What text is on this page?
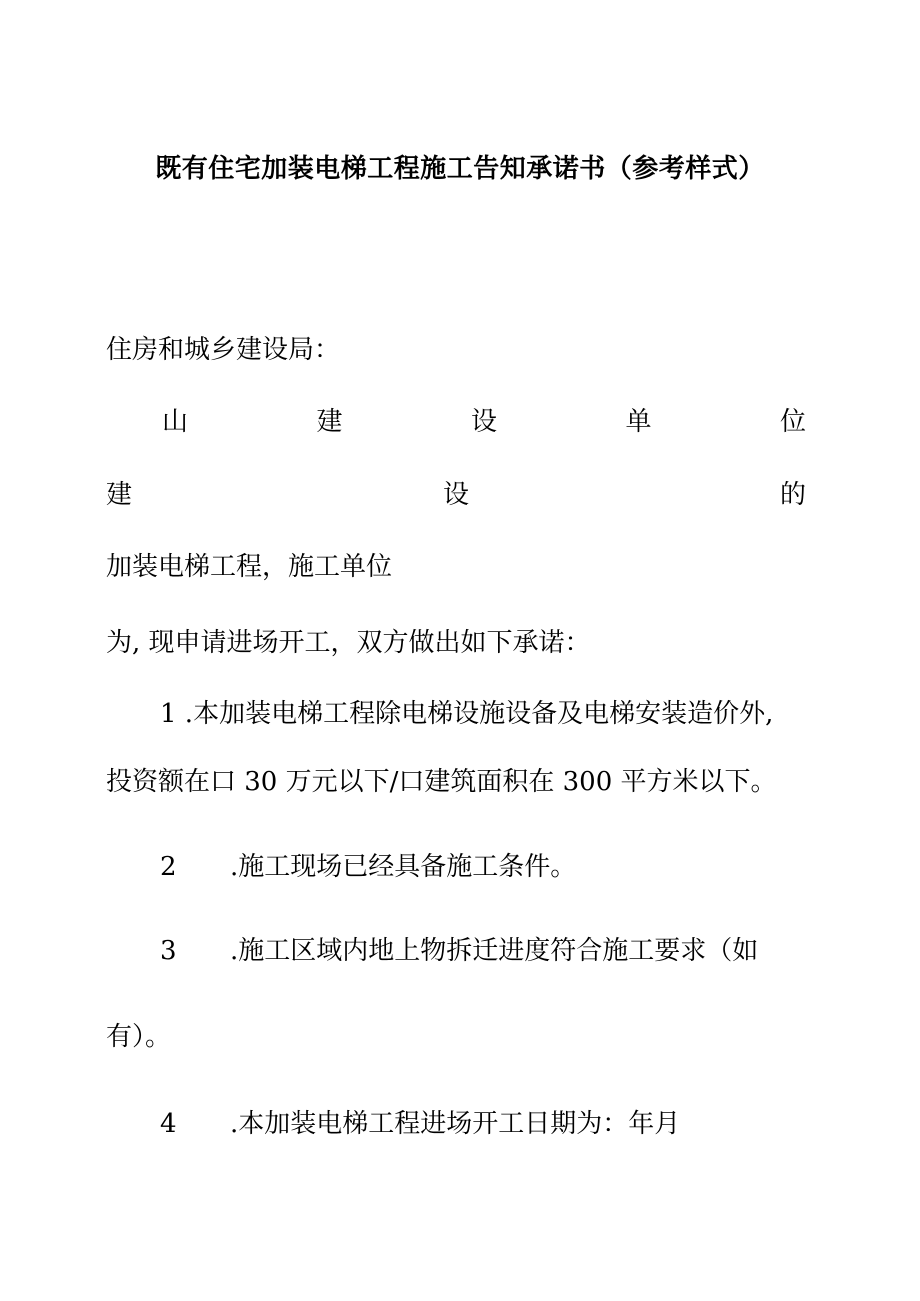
既有住宅加装电梯工程施工告知承诺书（参考样式）
住房和城乡建设局：
山	建	设	单	位
建	设	的
加装电梯工程，施工单位
为, 现申请进场开工，双方做出如下承诺：
1 .本加装电梯工程除电梯设施设备及电梯安装造价外,
投资额在口 30 万元以下/口建筑面积在 300 平方米以下。
2 .施工现场已经具备施工条件。
3 .施工区域内地上物拆迁进度符合施工要求（如
有）。
4 .本加装电梯工程进场开工日期为：年月
